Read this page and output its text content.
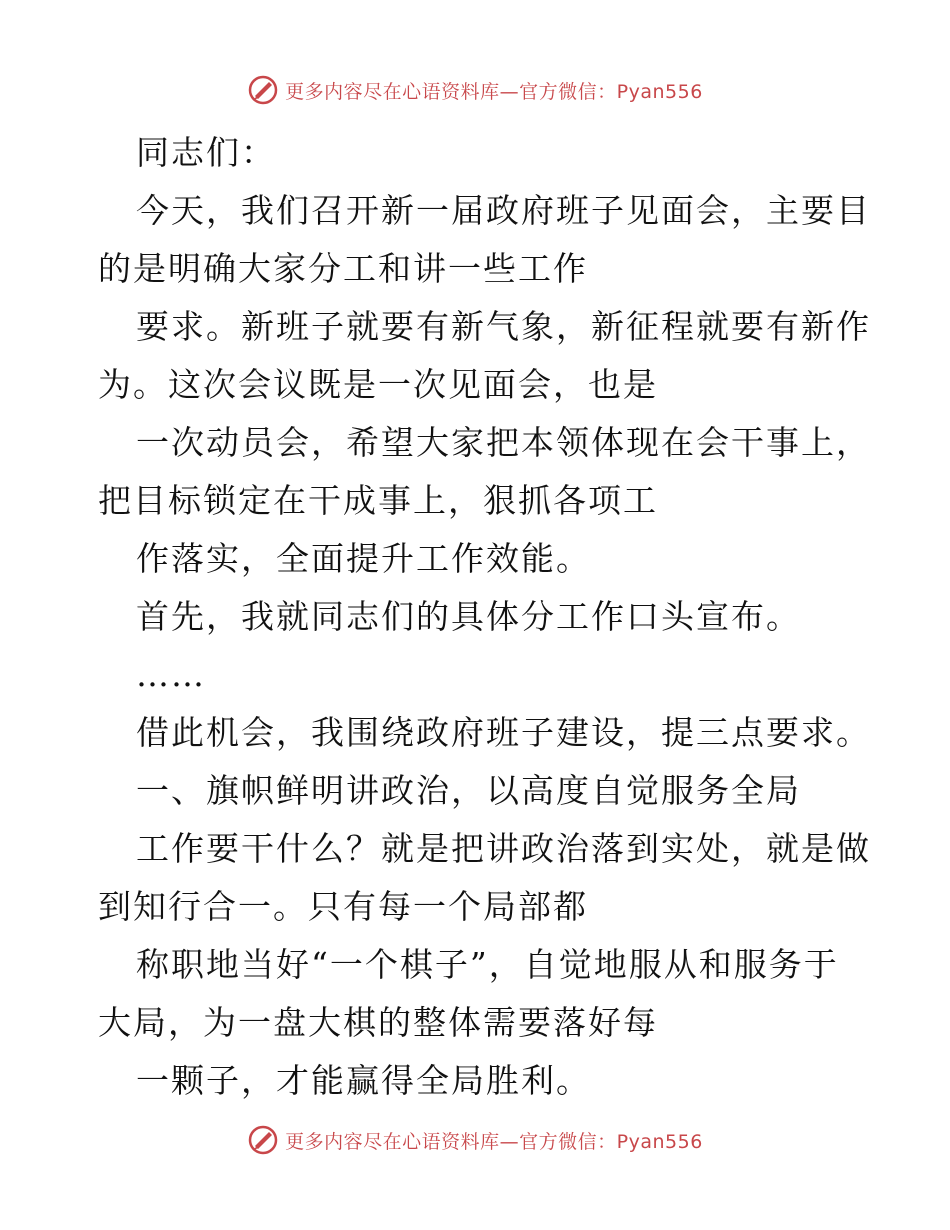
更多内容尽在心语资料库—官方微信：Pyan556
同志们：
今天，我们召开新一届政府班子见面会，主要目
的是明确大家分工和讲一些工作
要求。新班子就要有新气象，新征程就要有新作
为。这次会议既是一次见面会，也是
一次动员会，希望大家把本领体现在会干事上，
把目标锁定在干成事上，狠抓各项工
作落实，全面提升工作效能。
首先，我就同志们的具体分工作口头宣布。
……
借此机会，我围绕政府班子建设，提三点要求。
一、旗帜鲜明讲政治，以高度自觉服务全局
工作要干什么？就是把讲政治落到实处，就是做
到知行合一。只有每一个局部都
称职地当好“一个棋子”，自觉地服从和服务于
大局，为一盘大棋的整体需要落好每
一颗子，才能赢得全局胜利。
更多内容尽在心语资料库—官方微信：Pyan556
